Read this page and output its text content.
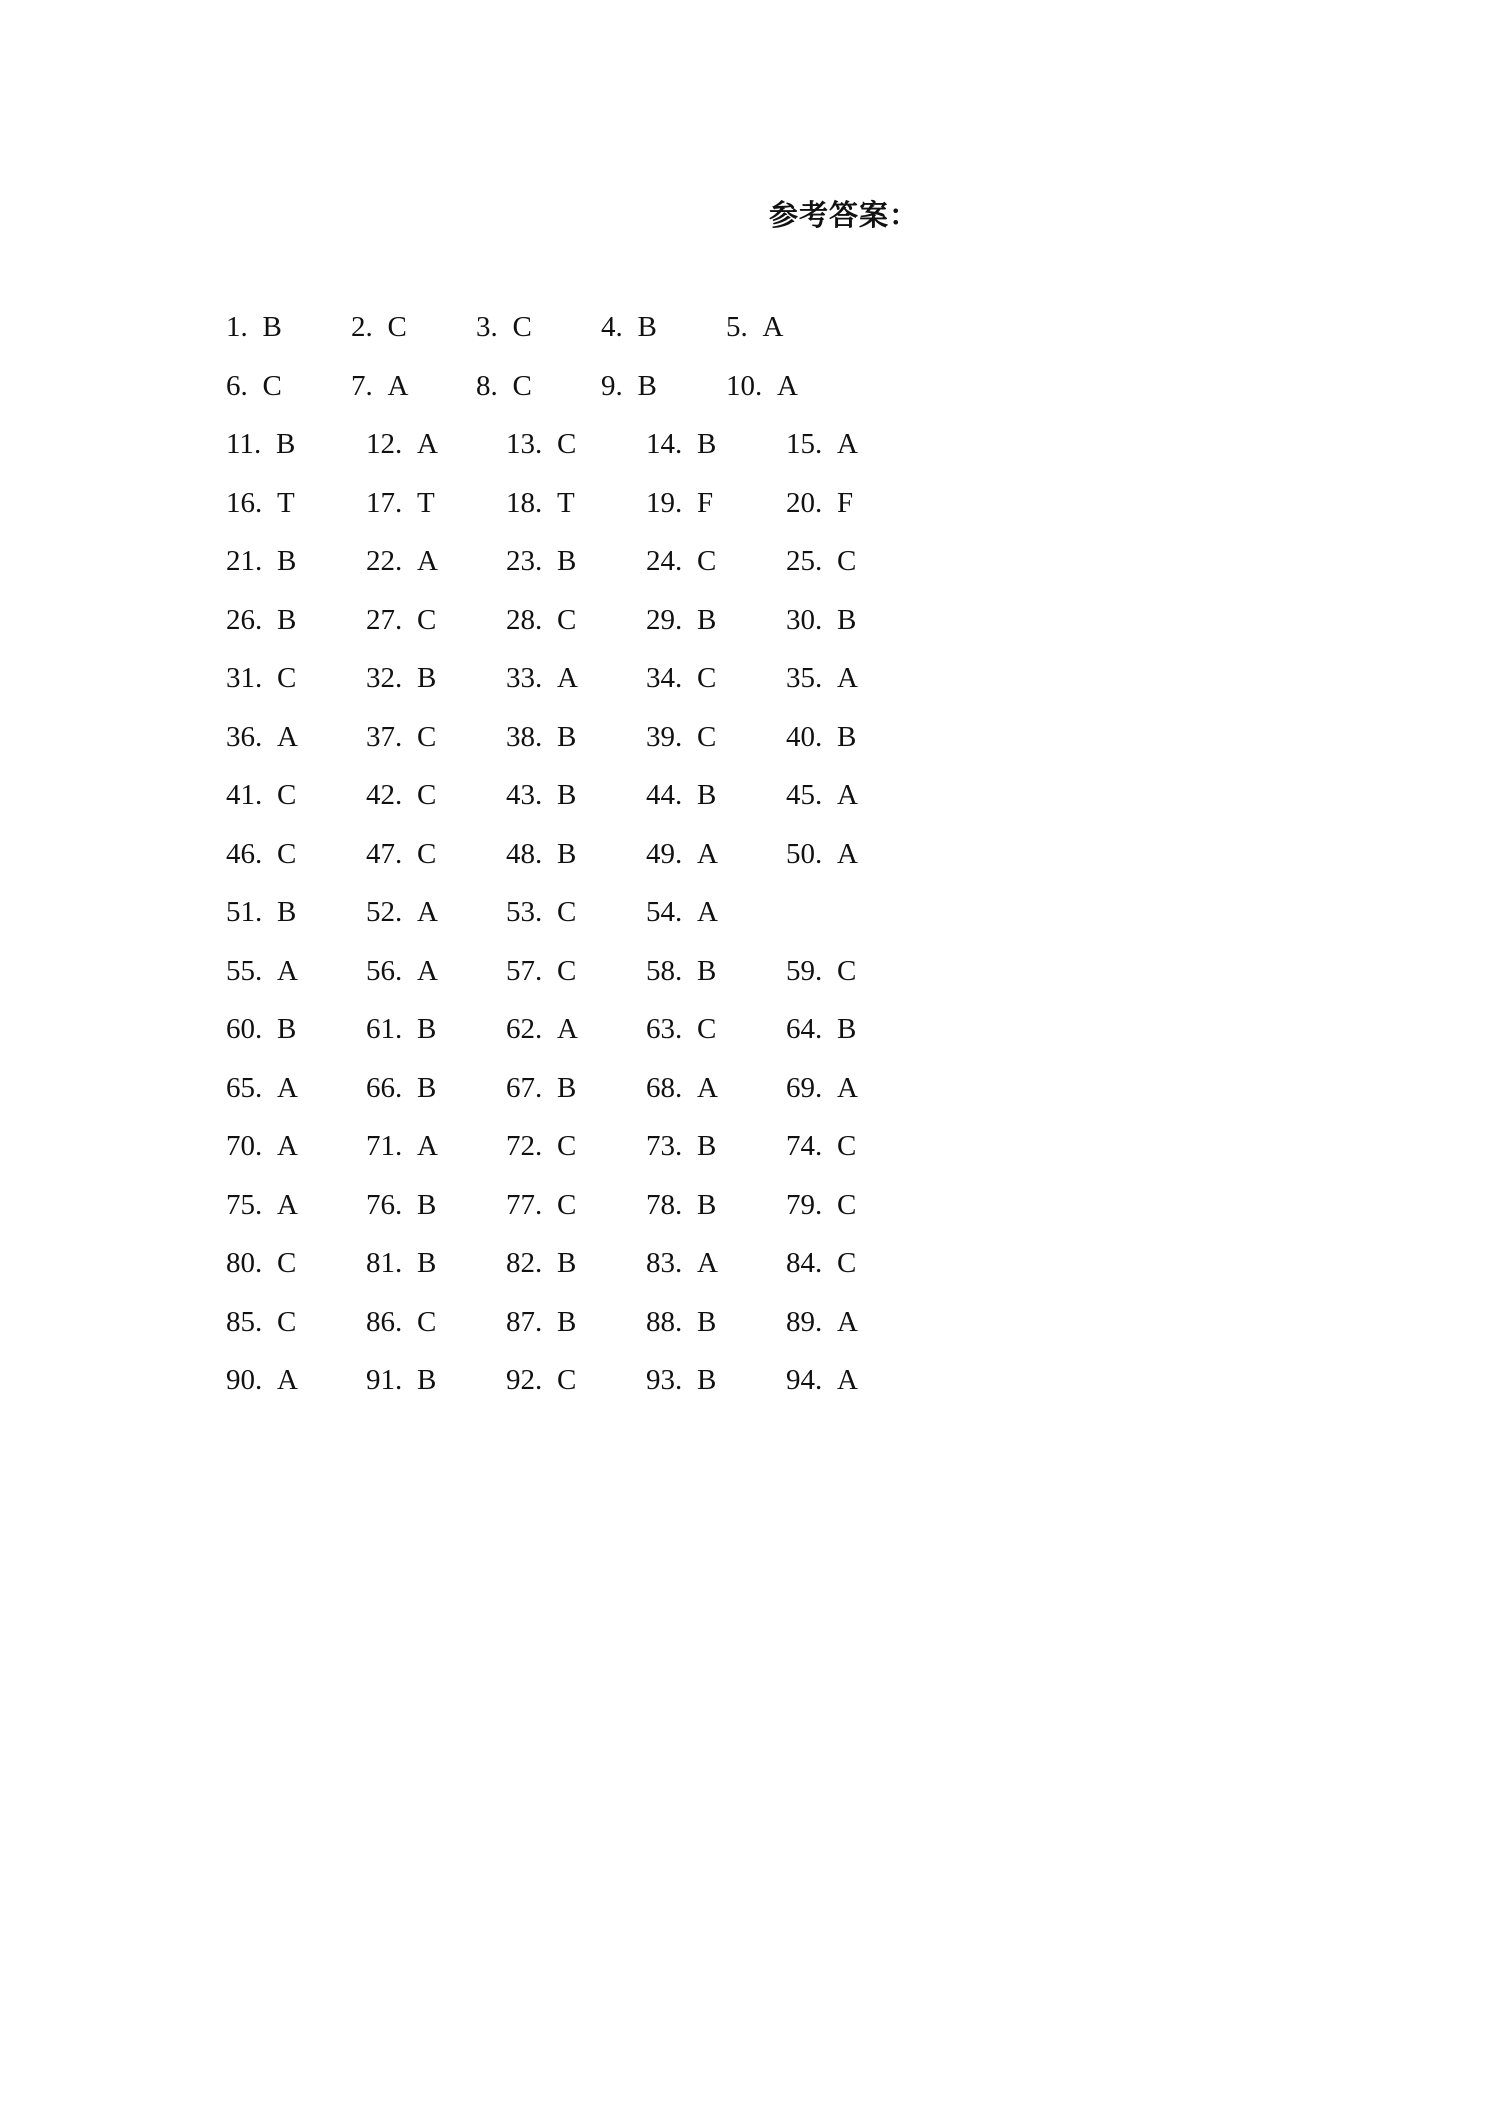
参考答案：
1. B 2. C 3. C 4. B 5. A
6. C 7. A 8. C 9. B 10. A
11. B 12. A 13. C 14. B 15. A
16. T 17. T 18. T 19. F	20. F
21. B 22. A 23. B 24. C 25. C
26. B 27. C 28. C 29. B 30. B
31. C 32. B 33. A 34. C 35. A
36. A 37. C 38. B 39. C 40. B
41. C 42. C 43. B 44. B 45. A
46. C 47. C 48. B 49. A 50. A
51. B 52. A 53. C 54. A
55. A 56. A 57. C 58. B 59. C
60. B 61. B 62. A 63. C 64. B
65. A 66. B 67. B 68. A 69. A
70. A 71. A 72. C 73. B 74. C
75. A 76. B 77. C 78. B 79. C
80. C 81. B 82. B 83. A 84. C
85. C 86. C 87. B 88. B 89. A
90. A 91. B 92. C 93. B 94. A
